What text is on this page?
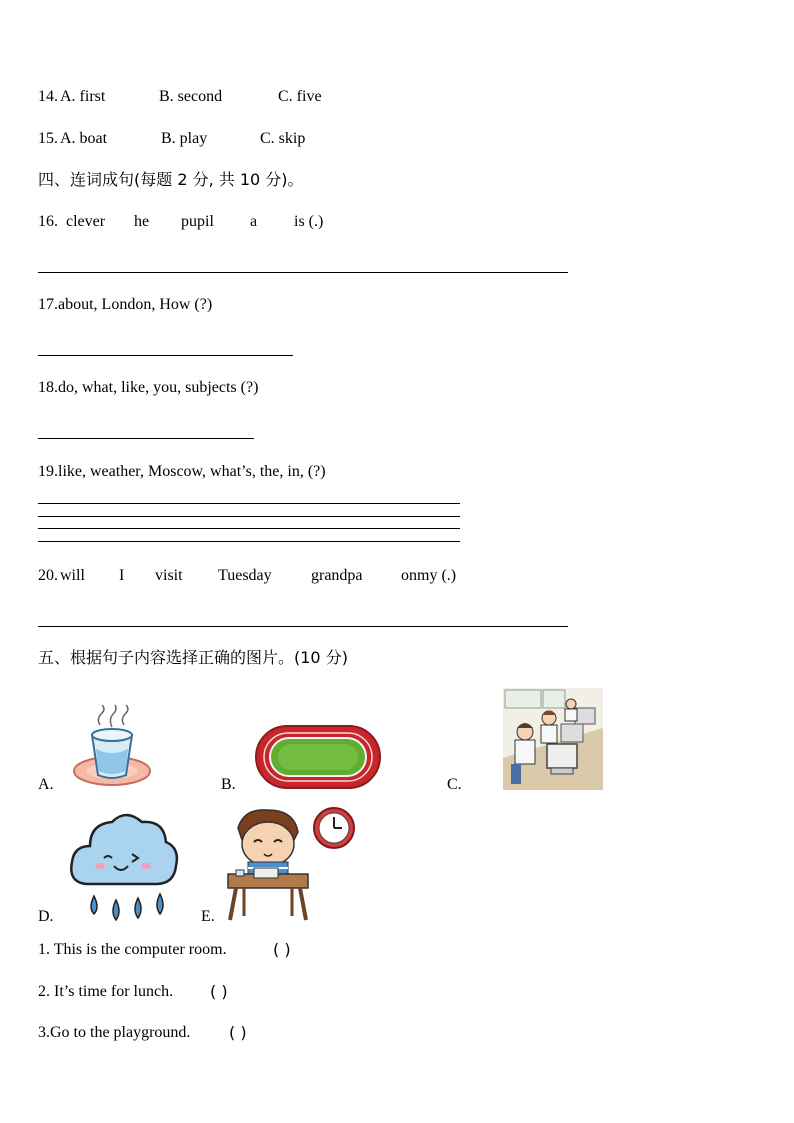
14. A. first	B. second	C. five
15. A. boat	B. play	C. skip
四、连词成句(每题 2 分, 共 10 分)。
16. clever he pupil a is (.)
17.about, London, How (?)
18.do, what, like, you, subjects (?)
19.like, weather, Moscow, what’s, the, in, (?)
20. will I visit Tuesday grandpa onmy (.)
五、根据句子内容选择正确的图片。(10 分)
A.	B.	C.
D.	E.
1. This is the computer room.	( )
2. It’s time for lunch. ( )
3.Go to the playground. ( )
